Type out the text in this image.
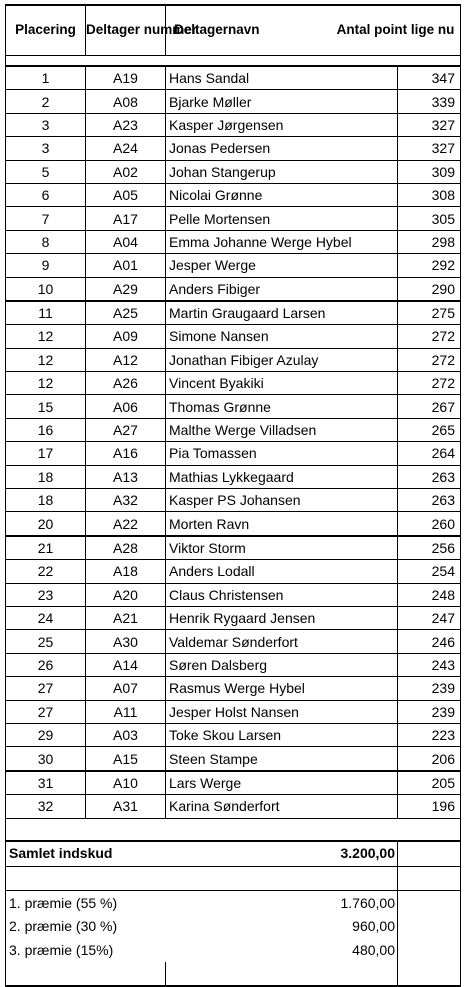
Placering	Deltager nummer	Deltagernavn	Antal point lige nu

1	A19	Hans Sandal	347
2	A08	Bjarke Møller	339
3	A23	Kasper Jørgensen	327
3	A24	Jonas Pedersen	327
5	A02	Johan Stangerup	309
6	A05	Nicolai Grønne	308
7	A17	Pelle Mortensen	305
8	A04	Emma Johanne Werge Hybel	298
9	A01	Jesper Werge	292
10	A29	Anders Fibiger	290
11	A25	Martin Graugaard Larsen	275
12	A09	Simone Nansen	272
12	A12	Jonathan Fibiger Azulay	272
12	A26	Vincent Byakiki	272
15	A06	Thomas Grønne	267
16	A27	Malthe Werge Villadsen	265
17	A16	Pia Tomassen	264
18	A13	Mathias Lykkegaard	263
18	A32	Kasper PS Johansen	263
20	A22	Morten Ravn	260
21	A28	Viktor Storm	256
22	A18	Anders Lodall	254
23	A20	Claus Christensen	248
24	A21	Henrik Rygaard Jensen	247
25	A30	Valdemar Sønderfort	246
26	A14	Søren Dalsberg	243
27	A07	Rasmus Werge Hybel	239
27	A11	Jesper Holst Nansen	239
29	A03	Toke Skou Larsen	223
30	A15	Steen Stampe	206
31	A10	Lars Werge	205
32	A31	Karina Sønderfort	196

Samlet indskud 3.200,00		

1. præmie (55 %) 1.760,00		

2. præmie (30 %) 960,00		

3. præmie (15%) 480,00		
